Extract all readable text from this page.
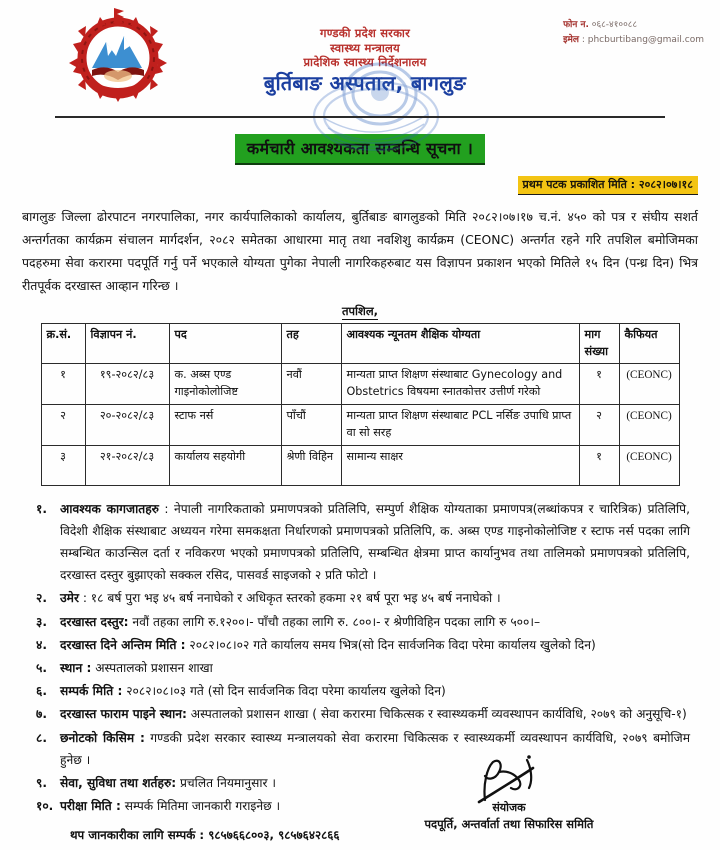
गण्डकी प्रदेश सरकार
स्वास्थ्य मन्त्रालय
प्रादेशिक स्वास्थ्य निर्देशनालय
बुर्तिबाङ अस्पताल, बागलुङ
फोन न. ०६८-४१००८८
इमेल : phcburtibang@gmail.com
कर्मचारी आवश्यकता सम्बन्धि सूचना ।
प्रथम पटक प्रकाशित मिति : २०८२।०७।१८

बागलुङ जिल्ला ढोरपाटन नगरपालिका, नगर कार्यपालिकाको कार्यालय, बुर्तिबाङ बागलुङको मिति २०८२।०७।१७ च.नं. ४५० को पत्र र संघीय सशर्त अन्तर्गतका कार्यक्रम संचालन मार्गदर्शन, २०८२ समेतका आधारमा मातृ तथा नवशिशु कार्यक्रम (CEONC) अन्तर्गत रहने गरि तपशिल बमोजिमका पदहरुमा सेवा करारमा पदपूर्ति गर्नु पर्ने भएकाले योग्यता पुगेका नेपाली नागरिकहरुबाट यस विज्ञापन प्रकाशन भएको मितिले १५ दिन (पन्ध्र दिन) भित्र रीतपूर्वक दरखास्त आव्हान गरिन्छ ।

तपशिल,
क्र.सं.	विज्ञापन नं.	पद	तह	आवश्यक न्यूनतम शैक्षिक योग्यता	माग संख्या	कैफियत
१	१९-२०८२/८३	क. अब्स एण्ड गाइनोकोलोजिष्ट	नवौं	मान्यता प्राप्त शिक्षण संस्थाबाट Gynecology and Obstetrics विषयमा स्नातकोत्तर उत्तीर्ण गरेको	१	(CEONC)
२	२०-२०८२/८३	स्टाफ नर्स	पाँचौं	मान्यता प्राप्त शिक्षण संस्थाबाट PCL नर्सिङ उपाधि प्राप्त वा सो सरह	२	(CEONC)
३	२१-२०८२/८३	कार्यालय सहयोगी	श्रेणी विहिन	सामान्य साक्षर	१	(CEONC)
१.	आवश्यक कागजातहरु : नेपाली नागरिकताको प्रमाणपत्रको प्रतिलिपि, सम्पुर्ण शैक्षिक योग्यताका प्रमाणपत्र(लब्धांकपत्र र चारित्रिक) प्रतिलिपि, विदेशी शैक्षिक संस्थाबाट अध्ययन गरेमा समकक्षता निर्धारणको प्रमाणपत्रको प्रतिलिपि, क. अब्स एण्ड गाइनोकोलोजिष्ट र स्टाफ नर्स पदका लागि सम्बन्धित काउन्सिल दर्ता र नविकरण भएको प्रमाणपत्रको प्रतिलिपि, सम्बन्धित क्षेत्रमा प्राप्त कार्यानुभव तथा तालिमको प्रमाणपत्रको प्रतिलिपि, दरखास्त दस्तुर बुझाएको सक्कल रसिद, पासवर्ड साइजको २ प्रति फोटो ।
२.	उमेर : १८ बर्ष पुरा भइ ४५ बर्ष ननाघेको र अधिकृत स्तरको हकमा २१ बर्ष पूरा भइ ४५ बर्ष ननाघेको ।
३.	दरखास्त दस्तुर: नवौं तहका लागि रु.१२००।- पाँचौ तहका लागि रु. ८००।- र श्रेणीविहिन पदका लागि रु ५००।–
४.	दरखास्त दिने अन्तिम मिति : २०८२।०८।०२ गते कार्यालय समय भित्र(सो दिन सार्वजनिक विदा परेमा कार्यालय खुलेको दिन)
५.	स्थान : अस्पतालको प्रशासन शाखा
६.	सम्पर्क मिति : २०८२।०८।०३ गते (सो दिन सार्वजनिक विदा परेमा कार्यालय खुलेको दिन)
७.	दरखास्त फाराम पाइने स्थान: अस्पतालको प्रशासन शाखा ( सेवा करारमा चिकित्सक र स्वास्थ्यकर्मी व्यवस्थापन कार्यविधि, २०७९ को अनुसूचि-१)
८.	छनोटको किसिम : गण्डकी प्रदेश सरकार स्वास्थ्य मन्त्रालयको सेवा करारमा चिकित्सक र स्वास्थ्यकर्मी व्यवस्थापन कार्यविधि, २०७९ बमोजिम हुनेछ ।
९.	सेवा, सुविधा तथा शर्तहरु: प्रचलित नियमानुसार ।
१०. परीक्षा मिति : सम्पर्क मितिमा जानकारी गराइनेछ ।
थप जानकारीका लागि सम्पर्क : ९८५७६६८००३, ९८५७६४२८६६
संयोजक
पदपूर्ति, अन्तर्वार्ता तथा सिफारिस समिति
